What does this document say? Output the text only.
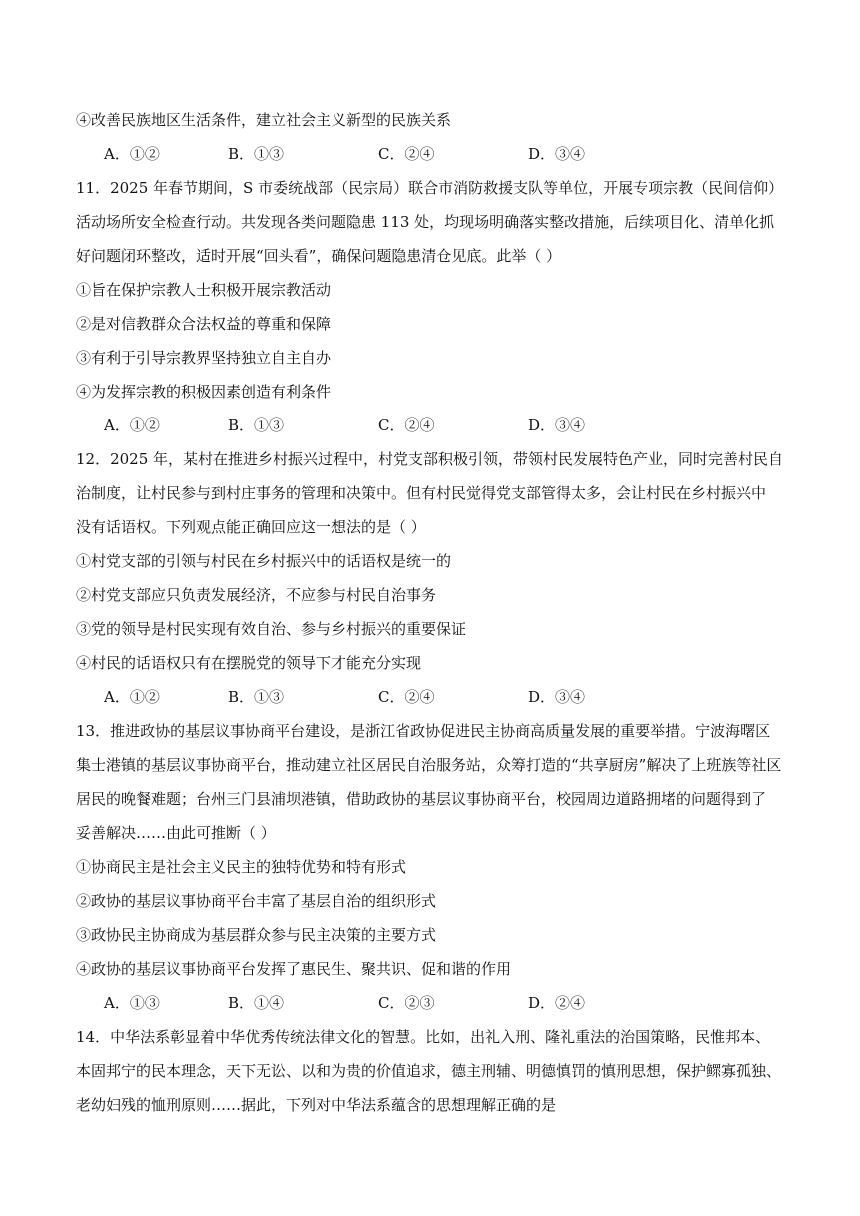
④改善民族地区生活条件，建立社会主义新型的民族关系
A．①②	B．①③	C．②④	D．③④
11．2025 年春节期间，S 市委统战部（民宗局）联合市消防救援支队等单位，开展专项宗教（民间信仰）
活动场所安全检查行动。共发现各类问题隐患 113 处，均现场明确落实整改措施，后续项目化、清单化抓
好问题闭环整改，适时开展“回头看”，确保问题隐患清仓见底。此举（ ）
①旨在保护宗教人士积极开展宗教活动
②是对信教群众合法权益的尊重和保障
③有利于引导宗教界坚持独立自主自办
④为发挥宗教的积极因素创造有利条件
A．①②	B．①③	C．②④	D．③④
12．2025 年，某村在推进乡村振兴过程中，村党支部积极引领，带领村民发展特色产业，同时完善村民自
治制度，让村民参与到村庄事务的管理和决策中。但有村民觉得党支部管得太多，会让村民在乡村振兴中
没有话语权。下列观点能正确回应这一想法的是（ ）
①村党支部的引领与村民在乡村振兴中的话语权是统一的
②村党支部应只负责发展经济，不应参与村民自治事务
③党的领导是村民实现有效自治、参与乡村振兴的重要保证
④村民的话语权只有在摆脱党的领导下才能充分实现
A．①②	B．①③	C．②④	D．③④
13．推进政协的基层议事协商平台建设，是浙江省政协促进民主协商高质量发展的重要举措。宁波海曙区
集士港镇的基层议事协商平台，推动建立社区居民自治服务站，众筹打造的“共享厨房”解决了上班族等社区
居民的晚餐难题；台州三门县浦坝港镇，借助政协的基层议事协商平台，校园周边道路拥堵的问题得到了
妥善解决……由此可推断（ ）
①协商民主是社会主义民主的独特优势和特有形式
②政协的基层议事协商平台丰富了基层自治的组织形式
③政协民主协商成为基层群众参与民主决策的主要方式
④政协的基层议事协商平台发挥了惠民生、聚共识、促和谐的作用
A．①③	B．①④	C．②③	D．②④
14．中华法系彰显着中华优秀传统法律文化的智慧。比如，出礼入刑、隆礼重法的治国策略，民惟邦本、
本固邦宁的民本理念，天下无讼、以和为贵的价值追求，德主刑辅、明德慎罚的慎刑思想，保护鳏寡孤独、
老幼妇残的恤刑原则……据此，下列对中华法系蕴含的思想理解正确的是
